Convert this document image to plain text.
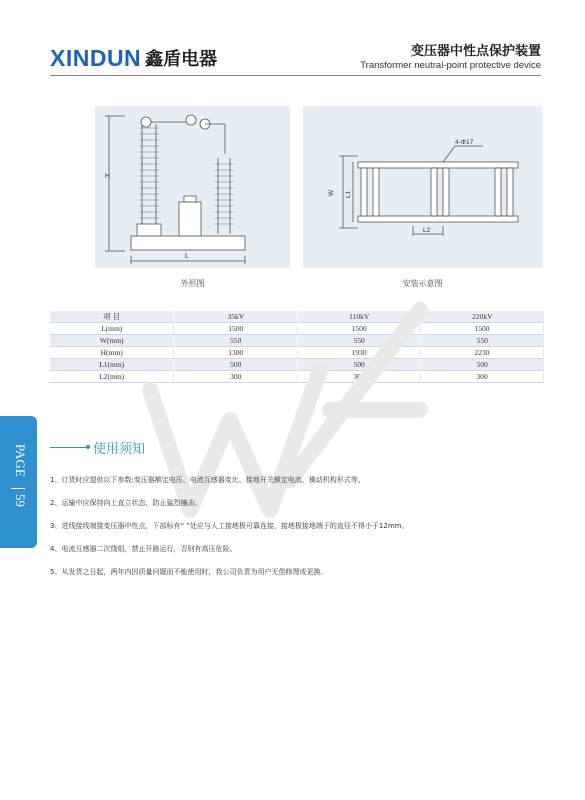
XINDUN 鑫盾电器	变压器中性点保护装置
Transformer neutral-point protective device
H
L
外形图
4-Φ17
W L1
L2
安装示意图
项 目	35kV	110kV	220kV
L(mm)	1500	1500	1500
W(mm)	550	550	550
H(mm)	1300	1930	2230
L1(mm)	500	500	500
L2(mm)	300	300	300
PAGE
59
使用须知
1、订货时应提供以下参数:变压器额定电压、电流互感器变比、接地开关额定电流、操动机构形式等。
2、运输中应保持向上直立状态，防止猛烈撞击。
3、进线接线端接变压器中性点，下部标有“ ”处应与人工接地极可靠连接，接地极接地端子的直径不得小于12mm。
4、电流互感器二次绕组，禁止开路运行，否则有高压危险。
5、从发货之日起，两年内因质量问题而不能使用时，我公司负责为用户无偿修理或更换。
